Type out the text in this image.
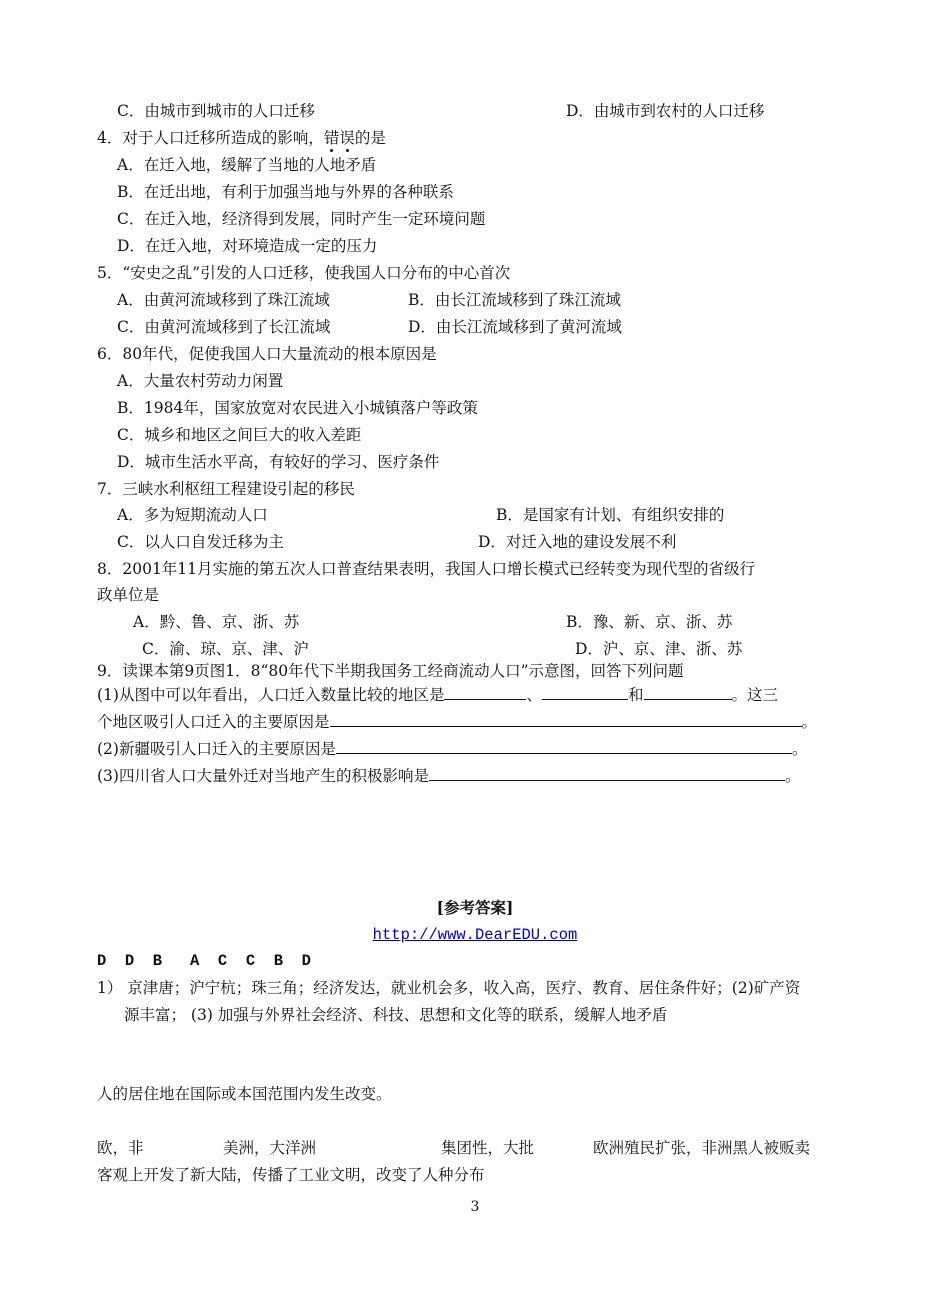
C．由城市到城市的人口迁移	D．由城市到农村的人口迁移
4．对于人口迁移所造成的影响，错误的是
A．在迁入地，缓解了当地的人地矛盾
B．在迁出地，有利于加强当地与外界的各种联系
C．在迁入地，经济得到发展，同时产生一定环境问题
D．在迁入地，对环境造成一定的压力
5．“安史之乱”引发的人口迁移，使我国人口分布的中心首次
A．由黄河流域移到了珠江流域	B．由长江流域移到了珠江流域
C．由黄河流域移到了长江流域	D．由长江流域移到了黄河流域
6．80年代，促使我国人口大量流动的根本原因是
A．大量农村劳动力闲置
B．1984年，国家放宽对农民进入小城镇落户等政策
C．城乡和地区之间巨大的收入差距
D．城市生活水平高，有较好的学习、医疗条件
7．三峡水利枢纽工程建设引起的移民
A．多为短期流动人口	B．是国家有计划、有组织安排的
C．以人口自发迁移为主	D．对迁入地的建设发展不利
8．2001年11月实施的第五次人口普查结果表明，我国人口增长模式已经转变为现代型的省级行
政单位是
A．黔、鲁、京、浙、苏	B．豫、新、京、浙、苏
C．渝、琼、京、津、沪	D．沪、京、津、浙、苏
9．读课本第9页图1．8“80年代下半期我国务工经商流动人口”示意图，回答下列问题
(1)从图中可以年看出，人口迁入数量比较的地区是	、	和	。这三
个地区吸引人口迁入的主要原因是	。
(2)新疆吸引人口迁入的主要原因是	。
(3)四川省人口大量外迁对当地产生的积极影响是	。
[参考答案]
http://www.DearEDU.com
D  D  B   A  C  C  B  D
1） 京津唐；沪宁杭；珠三角；经济发达，就业机会多，收入高，医疗、教育、居住条件好；(2)矿产资
源丰富； (3) 加强与外界社会经济、科技、思想和文化等的联系，缓解人地矛盾
人的居住地在国际或本国范围内发生改变。
欧，非	美洲，大洋洲	集团性，大批	欧洲殖民扩张，非洲黑人被贩卖
客观上开发了新大陆，传播了工业文明，改变了人种分布
3
